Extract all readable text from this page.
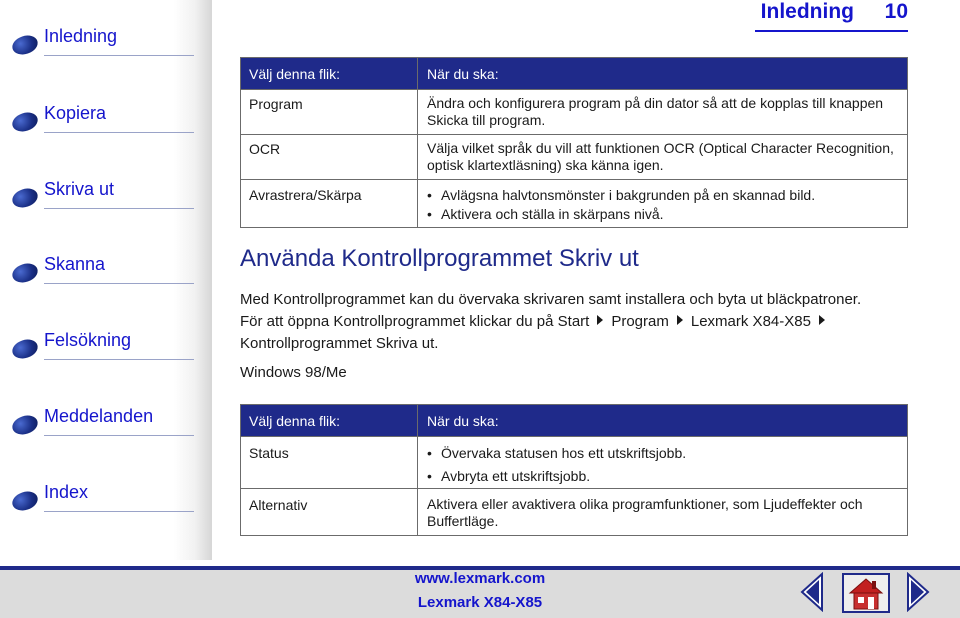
Inledning
Kopiera
Skriva ut
Skanna
Felsökning
Meddelanden
Index
Inledning 10
Välj denna flik:	När du ska:
Program	Ändra och konfigurera program på din dator så att de kopplas till knappen Skicka till program.
OCR	Välja vilket språk du vill att funktionen OCR (Optical Character Recognition, optisk klartextläsning) ska känna igen.
Avrastrera/Skärpa	• Avlägsna halvtonsmönster i bakgrunden på en skannad bild.
• Aktivera och ställa in skärpans nivå.
Använda Kontrollprogrammet Skriv ut
Med Kontrollprogrammet kan du övervaka skrivaren samt installera och byta ut bläckpatroner.
För att öppna Kontrollprogrammet klickar du på Start Program Lexmark X84-X85
Kontrollprogrammet Skriva ut.
Windows 98/Me
Välj denna flik:	När du ska:
Status	• Övervaka statusen hos ett utskriftsjobb.
• Avbryta ett utskriftsjobb.
Alternativ	Aktivera eller avaktivera olika programfunktioner, som Ljudeffekter och Buffertläge.
www.lexmark.com
Lexmark X84-X85
